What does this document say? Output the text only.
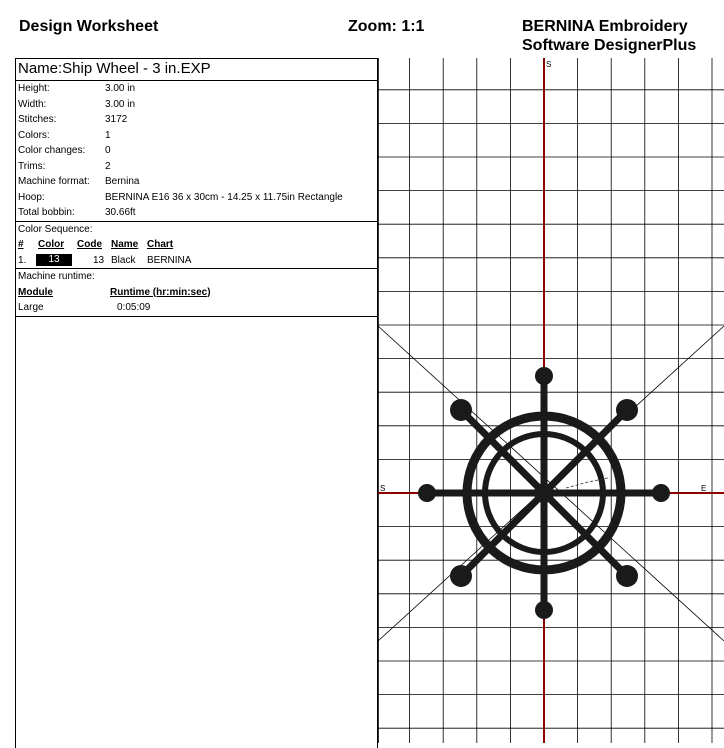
Design Worksheet	Zoom: 1:1	BERNINA Embroidery
Software DesignerPlus
Name:Ship Wheel - 3 in.EXP
Height:	3.00 in
Width:	3.00 in
Stitches:	3172
Colors:	1
Color changes: 0
Trims:	2
Machine format: Bernina
Hoop:	BERNINA E16 36 x 30cm - 14.25 x 11.75in Rectangle
Total bobbin:	30.66ft
Color Sequence:
# Color Code Name Chart
1.	13	13 Black BERNINA
Machine runtime:
Module	Runtime (hr:min:sec)
Large	0:05:09
S
S	E
